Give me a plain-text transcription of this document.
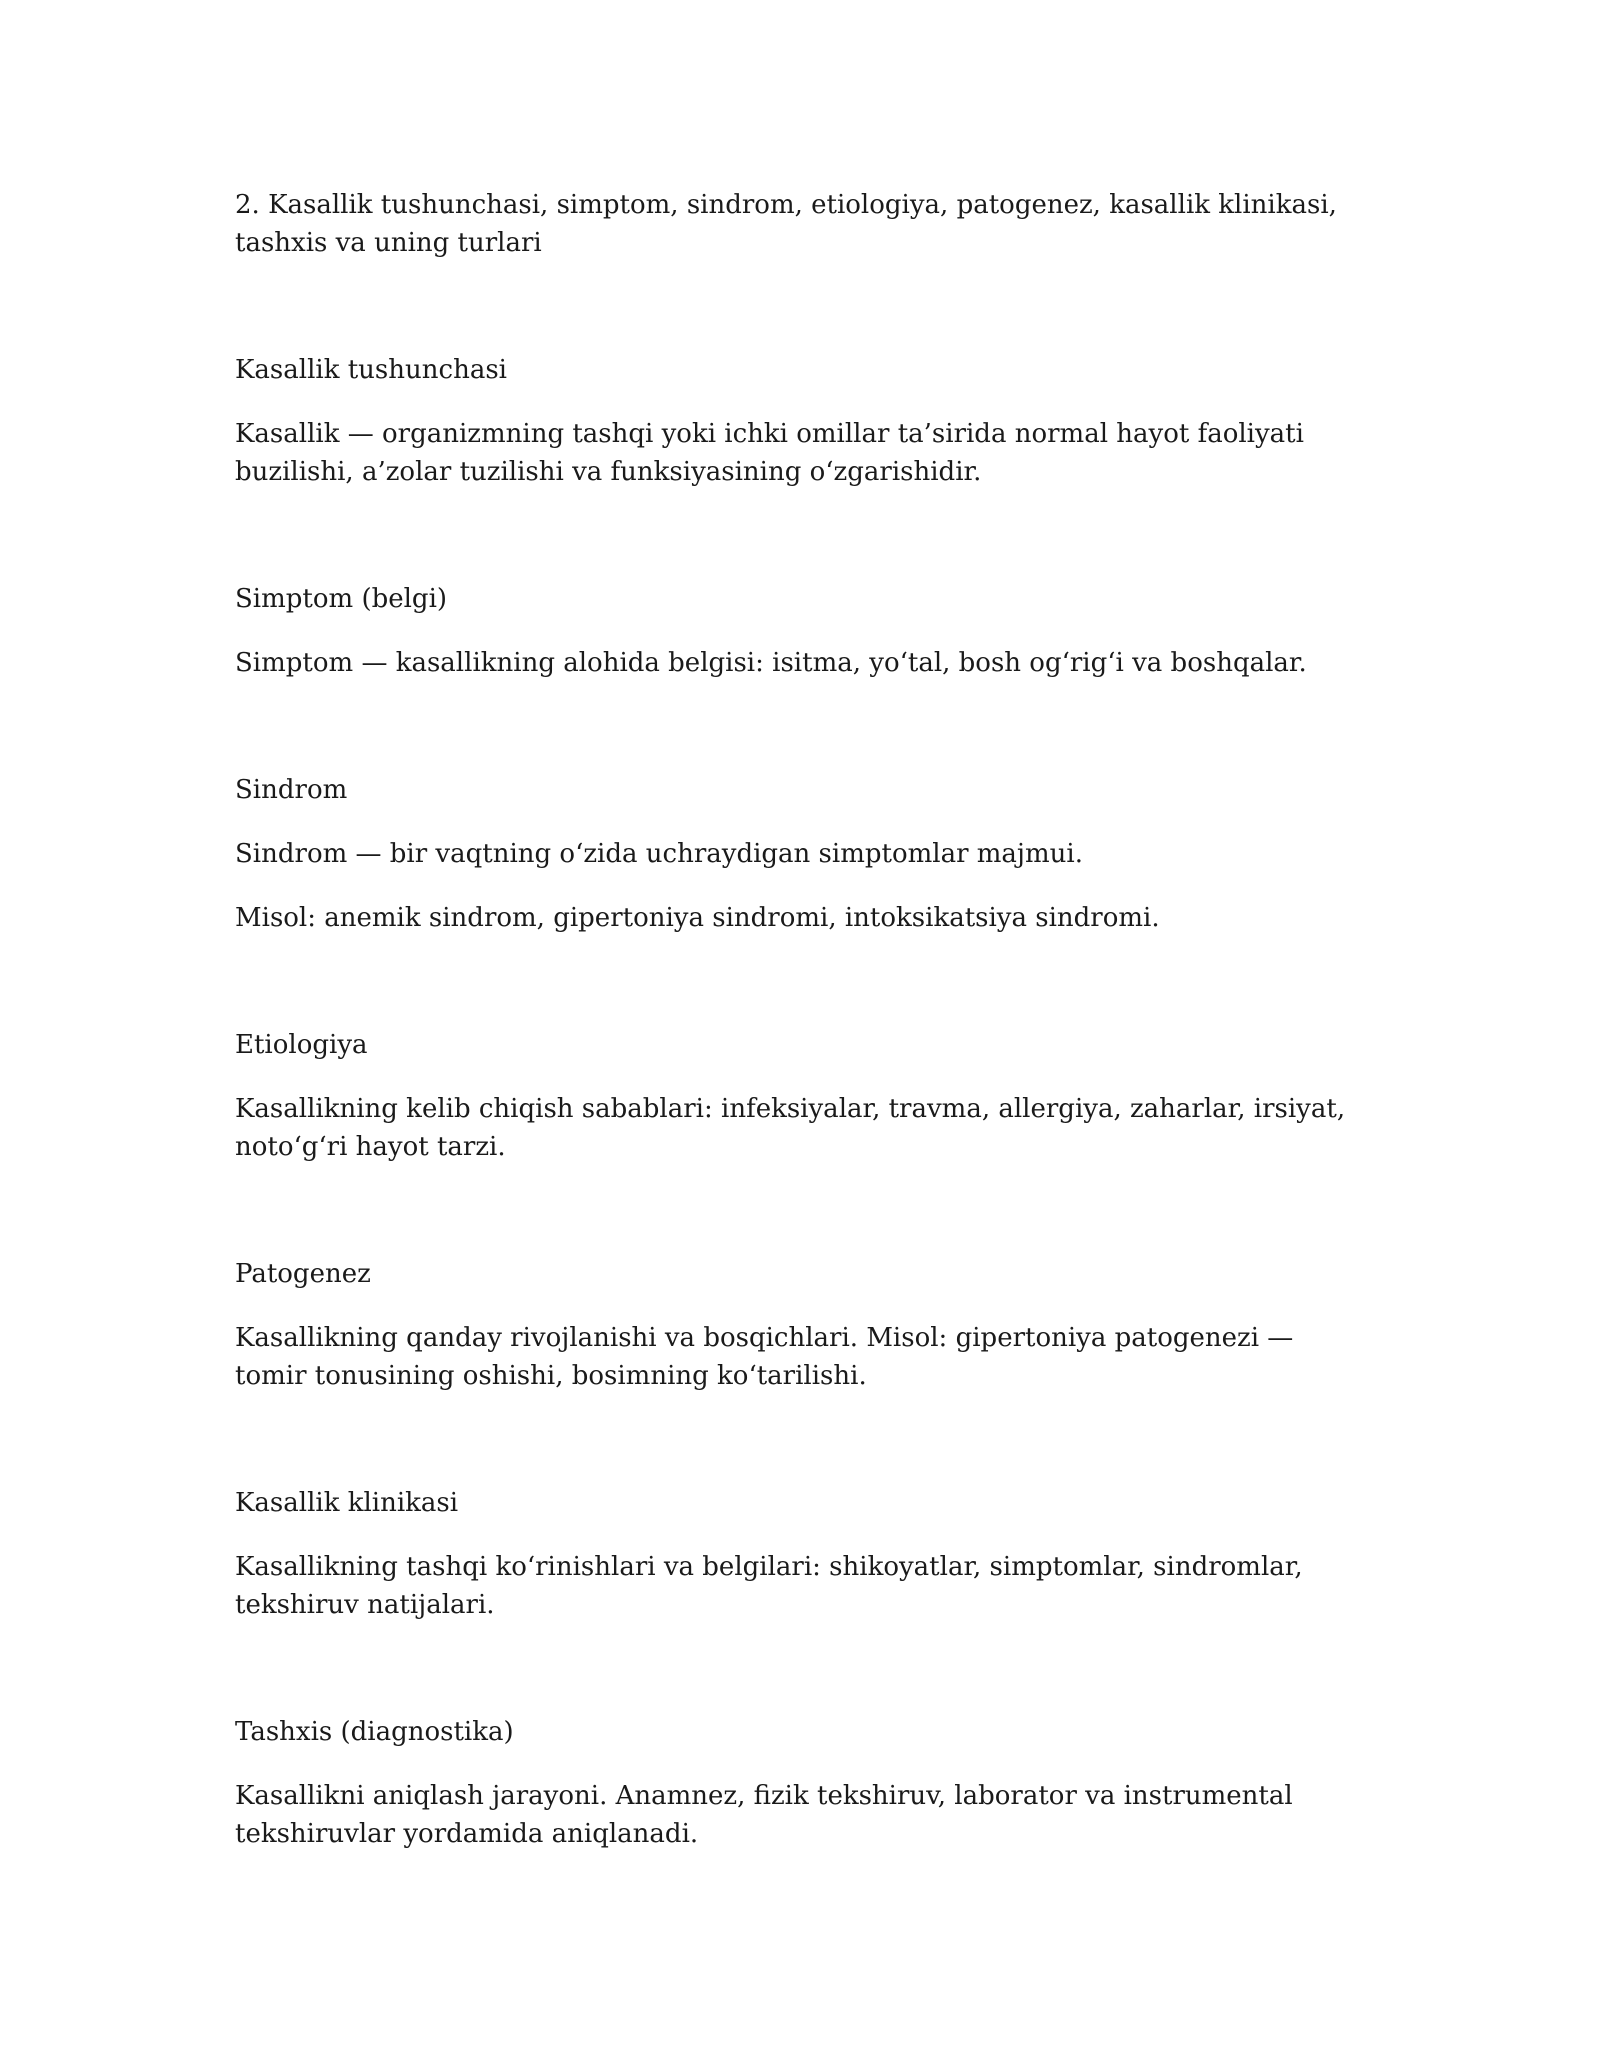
2. Kasallik tushunchasi, simptom, sindrom, etiologiya, patogenez, kasallik klinikasi, tashxis va uning turlari
Kasallik tushunchasi

Kasallik — organizmning tashqi yoki ichki omillar ta’sirida normal hayot faoliyati buzilishi, a’zolar tuzilishi va funksiyasining oʻzgarishidir.

Simptom (belgi)

Simptom — kasallikning alohida belgisi: isitma, yoʻtal, bosh ogʻrigʻi va boshqalar.

Sindrom

Sindrom — bir vaqtning oʻzida uchraydigan simptomlar majmui.

Misol: anemik sindrom, gipertoniya sindromi, intoksikatsiya sindromi.

Etiologiya

Kasallikning kelib chiqish sabablari: infeksiyalar, travma, allergiya, zaharlar, irsiyat, notoʻgʻri hayot tarzi.

Patogenez

Kasallikning qanday rivojlanishi va bosqichlari. Misol: gipertoniya patogenezi — tomir tonusining oshishi, bosimning koʻtarilishi.

Kasallik klinikasi

Kasallikning tashqi koʻrinishlari va belgilari: shikoyatlar, simptomlar, sindromlar, tekshiruv natijalari.

Tashxis (diagnostika)

Kasallikni aniqlash jarayoni. Anamnez, fizik tekshiruv, laborator va instrumental tekshiruvlar yordamida aniqlanadi.
